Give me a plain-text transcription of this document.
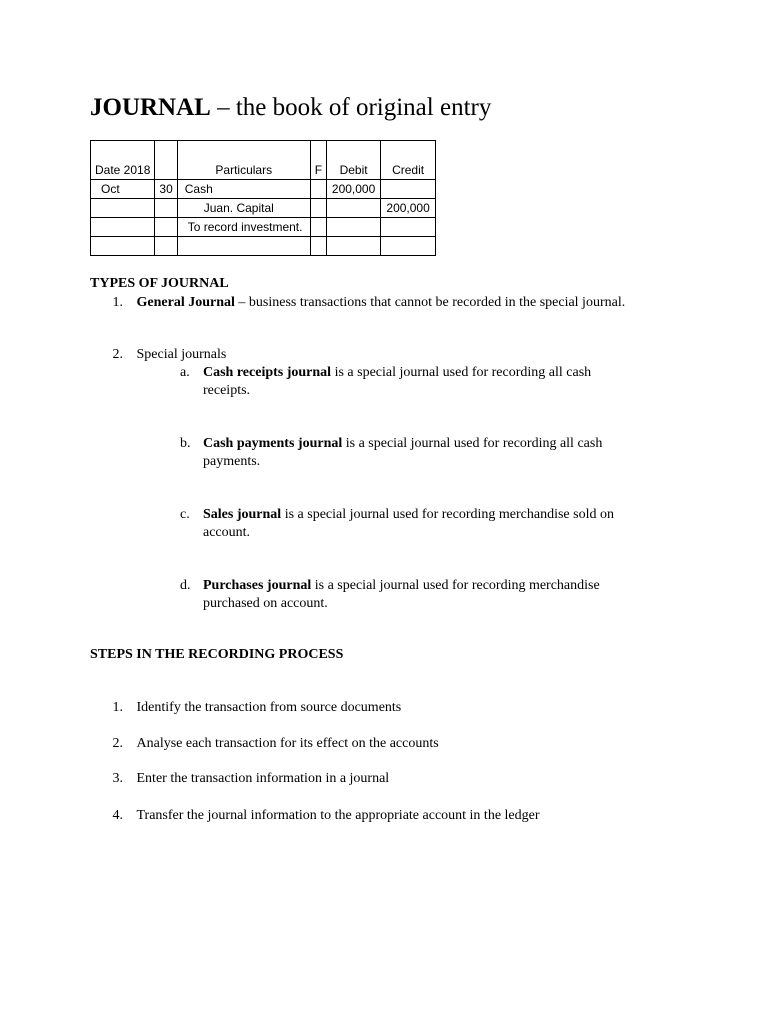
JOURNAL – the book of original entry
Date 2018		Particulars	F	Debit	Credit
Oct	30	Cash		200,000	
		Juan. Capital			200,000
		To record investment.			

TYPES OF JOURNAL
1. General Journal – business transactions that cannot be recorded in the special journal.
2. Special journals
a. Cash receipts journal is a special journal used for recording all cash
receipts.
b. Cash payments journal is a special journal used for recording all cash
payments.
c. Sales journal is a special journal used for recording merchandise sold on
account.
d. Purchases journal is a special journal used for recording merchandise
purchased on account.
STEPS IN THE RECORDING PROCESS
1. Identify the transaction from source documents
2. Analyse each transaction for its effect on the accounts
3. Enter the transaction information in a journal
4. Transfer the journal information to the appropriate account in the ledger
